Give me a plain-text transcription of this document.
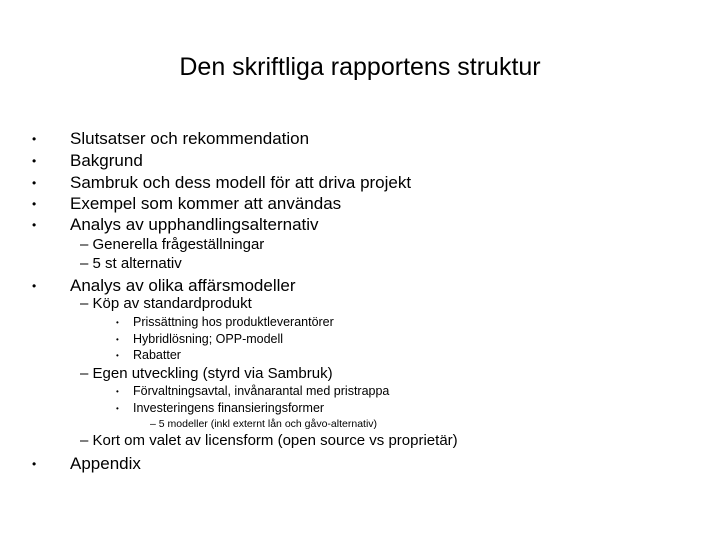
Den skriftliga rapportens struktur
• Slutsatser och rekommendation
• Bakgrund
• Sambruk och dess modell för att driva projekt
• Exempel som kommer att användas
• Analys av upphandlingsalternativ
– Generella frågeställningar
– 5 st alternativ
• Analys av olika affärsmodeller
– Köp av standardprodukt
• Prissättning hos produktleverantörer
• Hybridlösning; OPP-modell
• Rabatter
– Egen utveckling (styrd via Sambruk)
• Förvaltningsavtal, invånarantal med pristrappa
• Investeringens finansieringsformer
– 5 modeller (inkl externt lån och gåvo-alternativ)
– Kort om valet av licensform (open source vs proprietär)
• Appendix
